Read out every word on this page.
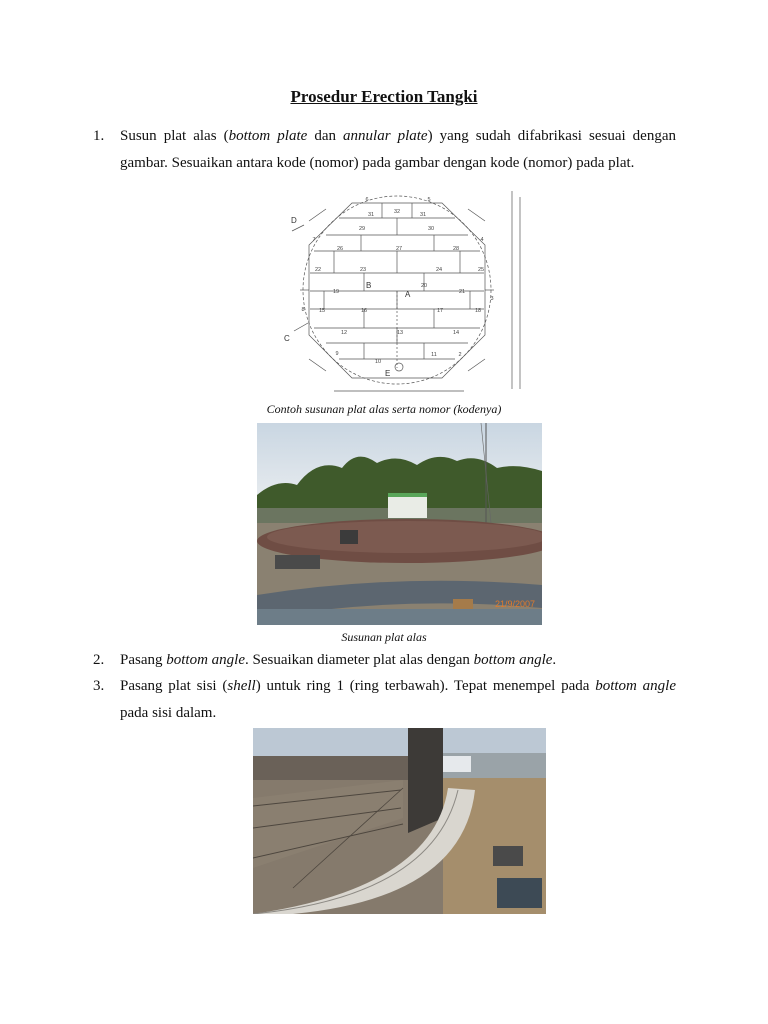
Prosedur Erection Tangki
1. Susun plat alas (bottom plate dan annular plate) yang sudah difabrikasi sesuai dengan gambar. Sesuaikan antara kode (nomor) pada gambar dengan kode (nomor) pada plat.
6	5
31	32	31
29	30
7	4
26	27	28
22	23	24	25
19
20
21
8	15	16	17	18
3
12	13	14
9
10
11	2
D
B
A
C
E
Contoh susunan plat alas serta nomor (kodenya)
21/9/2007
Susunan plat alas
2. Pasang bottom angle. Sesuaikan diameter plat alas dengan bottom angle.
3. Pasang plat sisi (shell) untuk ring 1 (ring terbawah). Tepat menempel pada bottom angle pada sisi dalam.
